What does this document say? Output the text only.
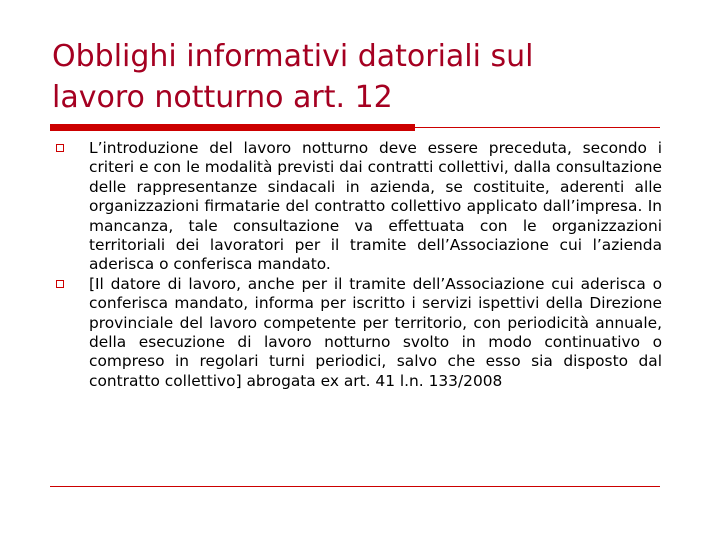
Obblighi informativi datoriali sul
lavoro notturno art. 12
L’introduzione del lavoro notturno deve essere preceduta, secondo i criteri e con le modalità previsti dai contratti collettivi, dalla consultazione delle rappresentanze sindacali in azienda, se costituite, aderenti alle organizzazioni firmatarie del contratto collettivo applicato dall’impresa. In mancanza, tale consultazione va effettuata con le organizzazioni territoriali dei lavoratori per il tramite dell’Associazione cui l’azienda aderisca o conferisca mandato.
[Il datore di lavoro, anche per il tramite dell’Associazione cui aderisca o conferisca mandato, informa per iscritto i servizi ispettivi della Direzione provinciale del lavoro competente per territorio, con periodicità annuale, della esecuzione di lavoro notturno svolto in modo continuativo o compreso in regolari turni periodici, salvo che esso sia disposto dal contratto collettivo] abrogata ex art. 41 l.n. 133/2008
